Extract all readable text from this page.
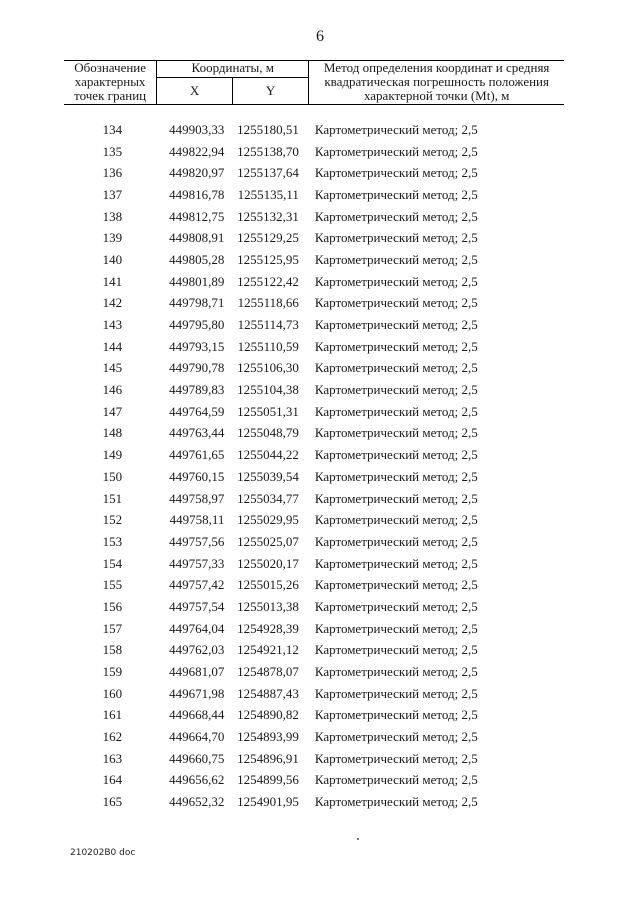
6
Обозначение характерных точек границ	Координаты, м		Метод определения координат и средняя квадратическая погрешность положения характерной точки (Mt), м
	X	Y	

134	449903,33	1255180,51	Картометрический метод; 2,5
135	449822,94	1255138,70	Картометрический метод; 2,5
136	449820,97	1255137,64	Картометрический метод; 2,5
137	449816,78	1255135,11	Картометрический метод; 2,5
138	449812,75	1255132,31	Картометрический метод; 2,5
139	449808,91	1255129,25	Картометрический метод; 2,5
140	449805,28	1255125,95	Картометрический метод; 2,5
141	449801,89	1255122,42	Картометрический метод; 2,5
142	449798,71	1255118,66	Картометрический метод; 2,5
143	449795,80	1255114,73	Картометрический метод; 2,5
144	449793,15	1255110,59	Картометрический метод; 2,5
145	449790,78	1255106,30	Картометрический метод; 2,5
146	449789,83	1255104,38	Картометрический метод; 2,5
147	449764,59	1255051,31	Картометрический метод; 2,5
148	449763,44	1255048,79	Картометрический метод; 2,5
149	449761,65	1255044,22	Картометрический метод; 2,5
150	449760,15	1255039,54	Картометрический метод; 2,5
151	449758,97	1255034,77	Картометрический метод; 2,5
152	449758,11	1255029,95	Картометрический метод; 2,5
153	449757,56	1255025,07	Картометрический метод; 2,5
154	449757,33	1255020,17	Картометрический метод; 2,5
155	449757,42	1255015,26	Картометрический метод; 2,5
156	449757,54	1255013,38	Картометрический метод; 2,5
157	449764,04	1254928,39	Картометрический метод; 2,5
158	449762,03	1254921,12	Картометрический метод; 2,5
159	449681,07	1254878,07	Картометрический метод; 2,5
160	449671,98	1254887,43	Картометрический метод; 2,5
161	449668,44	1254890,82	Картометрический метод; 2,5
162	449664,70	1254893,99	Картометрический метод; 2,5
163	449660,75	1254896,91	Картометрический метод; 2,5
164	449656,62	1254899,56	Картометрический метод; 2,5
165	449652,32	1254901,95	Картометрический метод; 2,5
210202В0 doc
